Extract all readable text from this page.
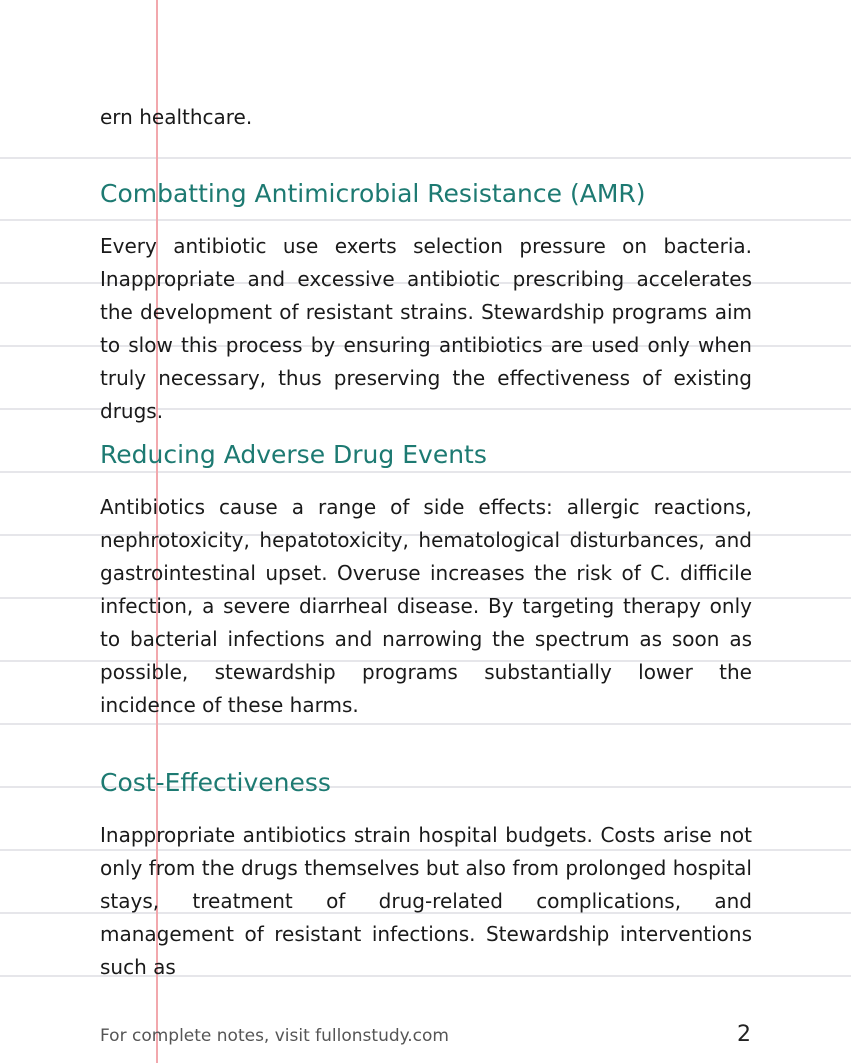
ern healthcare.
Combatting Antimicrobial Resistance (AMR)
Every antibiotic use exerts selection pressure on bacteria. Inappropriate and excessive antibiotic prescribing accelerates the development of resistant strains. Stewardship programs aim to slow this process by ensuring antibiotics are used only when truly necessary, thus preserving the effectiveness of existing drugs.
Reducing Adverse Drug Events
Antibiotics cause a range of side effects: allergic reactions, nephrotoxicity, hepatotoxicity, hematological disturbances, and gastrointestinal upset. Overuse increases the risk of C. difficile infection, a severe diarrheal disease. By targeting therapy only to bacterial infections and narrowing the spectrum as soon as possible, stewardship programs substantially lower the incidence of these harms.
Cost-Effectiveness
Inappropriate antibiotics strain hospital budgets. Costs arise not only from the drugs themselves but also from prolonged hospital stays, treatment of drug-related complications, and management of resistant infections. Stewardship interventions such as
For complete notes, visit fullonstudy.com	2
